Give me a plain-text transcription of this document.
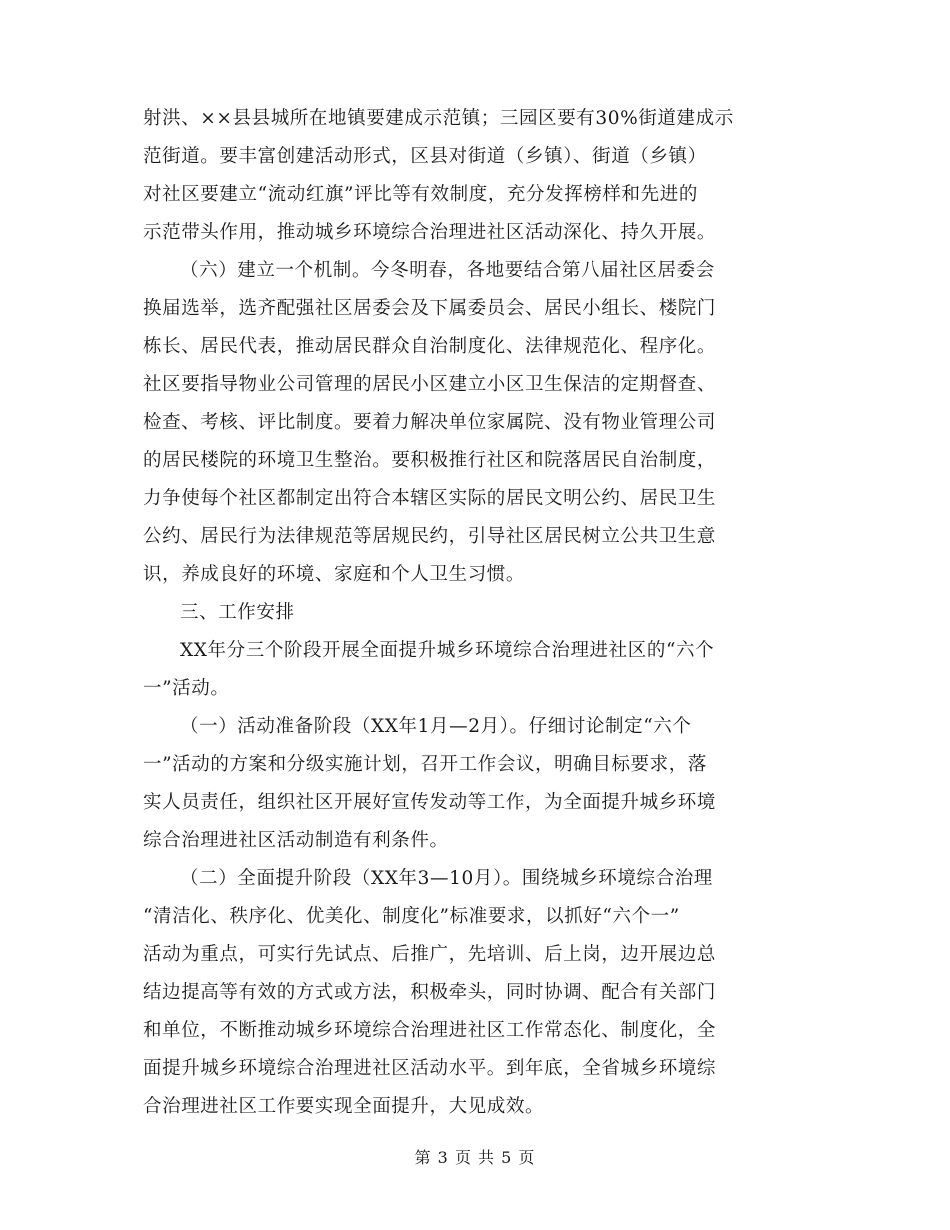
射洪、××县县城所在地镇要建成示范镇；三园区要有30%街道建成示
范街道。要丰富创建活动形式，区县对街道（乡镇）、街道（乡镇）
对社区要建立“流动红旗”评比等有效制度，充分发挥榜样和先进的
示范带头作用，推动城乡环境综合治理进社区活动深化、持久开展。
（六）建立一个机制。今冬明春，各地要结合第八届社区居委会
换届选举，选齐配强社区居委会及下属委员会、居民小组长、楼院门
栋长、居民代表，推动居民群众自治制度化、法律规范化、程序化。
社区要指导物业公司管理的居民小区建立小区卫生保洁的定期督查、
检查、考核、评比制度。要着力解决单位家属院、没有物业管理公司
的居民楼院的环境卫生整治。要积极推行社区和院落居民自治制度，
力争使每个社区都制定出符合本辖区实际的居民文明公约、居民卫生
公约、居民行为法律规范等居规民约，引导社区居民树立公共卫生意
识，养成良好的环境、家庭和个人卫生习惯。
三、工作安排
XX年分三个阶段开展全面提升城乡环境综合治理进社区的“六个
一”活动。
（一）活动准备阶段（XX年1月—2月）。仔细讨论制定“六个
一”活动的方案和分级实施计划，召开工作会议，明确目标要求，落
实人员责任，组织社区开展好宣传发动等工作，为全面提升城乡环境
综合治理进社区活动制造有利条件。
（二）全面提升阶段（XX年3—10月）。围绕城乡环境综合治理
“清洁化、秩序化、优美化、制度化”标准要求，以抓好“六个一”
活动为重点，可实行先试点、后推广，先培训、后上岗，边开展边总
结边提高等有效的方式或方法，积极牵头，同时协调、配合有关部门
和单位，不断推动城乡环境综合治理进社区工作常态化、制度化，全
面提升城乡环境综合治理进社区活动水平。到年底，全省城乡环境综
合治理进社区工作要实现全面提升，大见成效。
第 3 页 共 5 页
